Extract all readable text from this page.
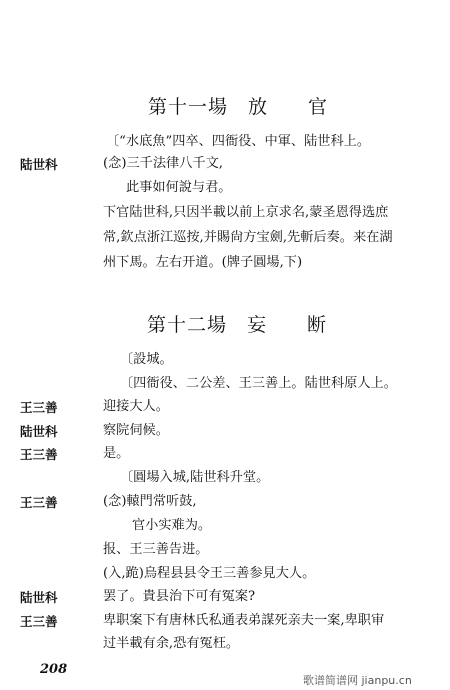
第十一場　放　　官
〔“水底魚”四卒、四衙役、中軍、陆世科上。
陆世科	(念)三千法律八千文,
此事如何說与君。
下官陆世科,只因半載以前上京求名,蒙圣恩得选庶
常,欽点浙江巡按,并賜尙方宝劍,先斬后奏。来在湖
州下馬。左右开道。(牌子圓場,下)
第十二場　妄　　断
〔設城。
〔四衙役、二公差、王三善上。陆世科原人上。
王三善	迎接大人。
陆世科	察院伺候。
王三善	是。
〔圓場入城,陆世科升堂。
王三善	(念)轅門常听鼓,
官小实难为。
报、王三善告进。
(入,跪)烏程县县令王三善参見大人。
陆世科	罢了。貴县治下可有冤案?
王三善	卑职案下有唐林氏私通表弟謀死亲夫一案,卑职审
过半載有余,恐有冤枉。
208
歌谱简谱网 jianpu.cn
